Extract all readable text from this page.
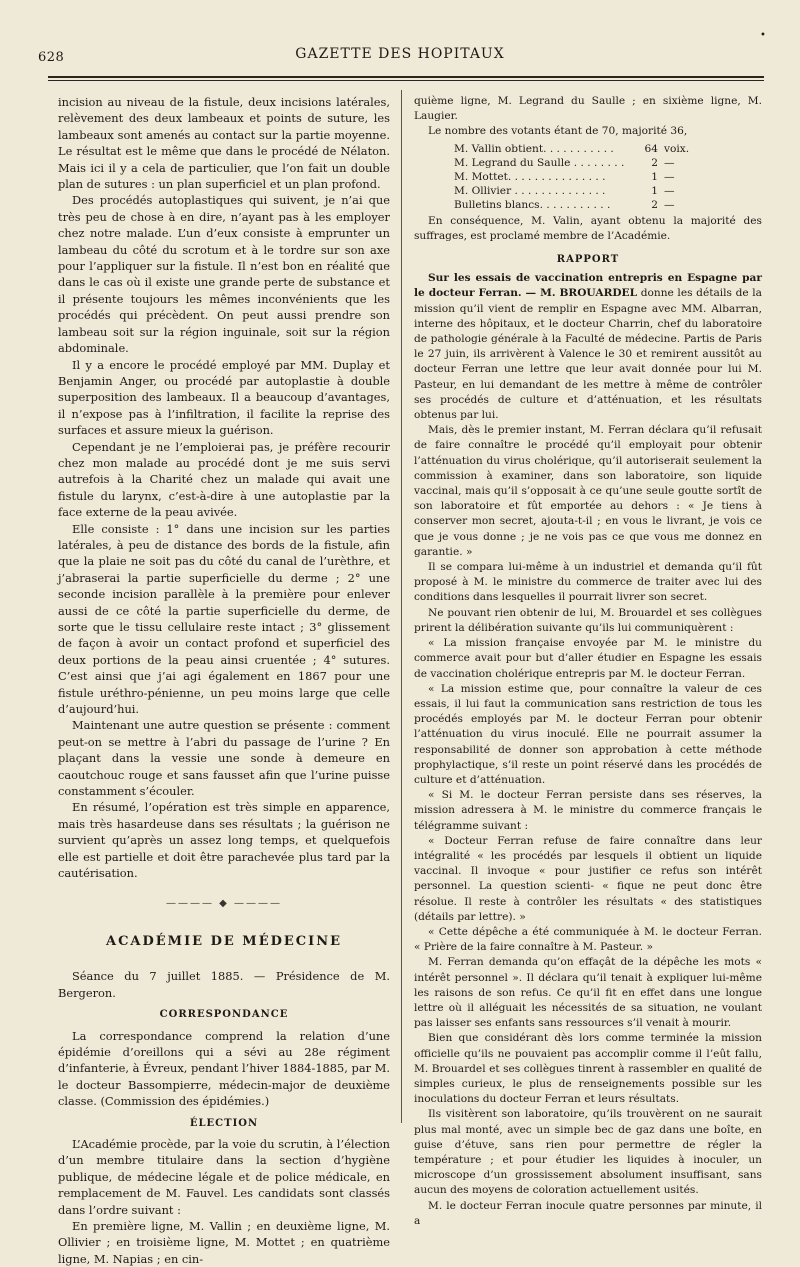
•
628	GAZETTE DES HOPITAUX

incision au niveau de la fistule, deux incisions latérales, relèvement des deux lambeaux et points de suture, les lambeaux sont amenés au contact sur la partie moyenne. Le résultat est le même que dans le procédé de Nélaton. Mais ici il y a cela de particulier, que l’on fait un double plan de sutures : un plan superficiel et un plan profond.

Des procédés autoplastiques qui suivent, je n’ai que très peu de chose à en dire, n’ayant pas à les employer chez notre malade. L’un d’eux consiste à emprunter un lambeau du côté du scrotum et à le tordre sur son axe pour l’appliquer sur la fistule. Il n’est bon en réalité que dans le cas où il existe une grande perte de substance et il présente toujours les mêmes inconvénients que les procédés qui précèdent. On peut aussi prendre son lambeau soit sur la région inguinale, soit sur la région abdominale.

Il y a encore le procédé employé par MM. Duplay et Benjamin Anger, ou procédé par autoplastie à double superposition des lambeaux. Il a beaucoup d’avantages, il n’expose pas à l’infiltration, il facilite la reprise des surfaces et assure mieux la guérison.

Cependant je ne l’emploierai pas, je préfère recourir chez mon malade au procédé dont je me suis servi autrefois à la Charité chez un malade qui avait une fistule du larynx, c’est-à-dire à une autoplastie par la face externe de la peau avivée.

Elle consiste : 1° dans une incision sur les parties latérales, à peu de distance des bords de la fistule, afin que la plaie ne soit pas du côté du canal de l’urèthre, et j’abraserai la partie superficielle du derme ; 2° une seconde incision parallèle à la première pour enlever aussi de ce côté la partie superficielle du derme, de sorte que le tissu cellulaire reste intact ; 3° glissement de façon à avoir un contact profond et superficiel des deux portions de la peau ainsi cruentée ; 4° sutures. C’est ainsi que j’ai agi également en 1867 pour une fistule uréthro-pénienne, un peu moins large que celle d’aujourd’hui.

Maintenant une autre question se présente : comment peut-on se mettre à l’abri du passage de l’urine ? En plaçant dans la vessie une sonde à demeure en caoutchouc rouge et sans fausset afin que l’urine puisse constamment s’écouler.

En résumé, l’opération est très simple en apparence, mais très hasardeuse dans ses résultats ; la guérison ne survient qu’après un assez long temps, et quelquefois elle est partielle et doit être parachevée plus tard par la cautérisation.

———— ◆ ————
ACADÉMIE DE MÉDECINE

Séance du 7 juillet 1885. — Présidence de M. Bergeron.

CORRESPONDANCE

La correspondance comprend la relation d’une épidémie d’oreillons qui a sévi au 28e régiment d’infanterie, à Évreux, pendant l’hiver 1884-1885, par M. le docteur Bassompierre, médecin-major de deuxième classe. (Commission des épidémies.)

ÉLECTION

L’Académie procède, par la voie du scrutin, à l’élection d’un membre titulaire dans la section d’hygiène publique, de médecine légale et de police médicale, en remplacement de M. Fauvel. Les candidats sont classés dans l’ordre suivant :

En première ligne, M. Vallin ; en deuxième ligne, M. Ollivier ; en troisième ligne, M. Mottet ; en quatrième ligne, M. Napias ; en cin-

quième ligne, M. Legrand du Saulle ; en sixième ligne, M. Laugier.

Le nombre des votants étant de 70, majorité 36,

M. Vallin obtient. . . . . . . . . . .	64	voix.
M. Legrand du Saulle . . . . . . . .	2	—
M. Mottet. . . . . . . . . . . . . . .	1	—
M. Ollivier . . . . . . . . . . . . . .	1	—
Bulletins blancs. . . . . . . . . . .	2	—

En conséquence, M. Valin, ayant obtenu la majorité des suffrages, est proclamé membre de l’Académie.

RAPPORT

Sur les essais de vaccination entrepris en Espagne par le docteur Ferran. — M. BROUARDEL donne les détails de la mission qu’il vient de remplir en Espagne avec MM. Albarran, interne des hôpitaux, et le docteur Charrin, chef du laboratoire de pathologie générale à la Faculté de médecine. Partis de Paris le 27 juin, ils arrivèrent à Valence le 30 et remirent aussitôt au docteur Ferran une lettre que leur avait donnée pour lui M. Pasteur, en lui demandant de les mettre à même de contrôler ses procédés de culture et d’atténuation, et les résultats obtenus par lui.

Mais, dès le premier instant, M. Ferran déclara qu’il refusait de faire connaître le procédé qu’il employait pour obtenir l’atténuation du virus cholérique, qu’il autoriserait seulement la commission à examiner, dans son laboratoire, son liquide vaccinal, mais qu’il s’opposait à ce qu’une seule goutte sortît de son laboratoire et fût emportée au dehors : « Je tiens à conserver mon secret, ajouta-t-il ; en vous le livrant, je vois ce que je vous donne ; je ne vois pas ce que vous me donnez en garantie. »

Il se compara lui-même à un industriel et demanda qu’il fût proposé à M. le ministre du commerce de traiter avec lui des conditions dans lesquelles il pourrait livrer son secret.

Ne pouvant rien obtenir de lui, M. Brouardel et ses collègues prirent la délibération suivante qu’ils lui communiquèrent :

« La mission française envoyée par M. le ministre du commerce avait pour but d’aller étudier en Espagne les essais de vaccination cholérique entrepris par M. le docteur Ferran.

« La mission estime que, pour connaître la valeur de ces essais, il lui faut la communication sans restriction de tous les procédés employés par M. le docteur Ferran pour obtenir l’atténuation du virus inoculé. Elle ne pourrait assumer la responsabilité de donner son approbation à cette méthode prophylactique, s’il reste un point réservé dans les procédés de culture et d’atténuation.

« Si M. le docteur Ferran persiste dans ses réserves, la mission adressera à M. le ministre du commerce français le télégramme suivant :

« Docteur Ferran refuse de faire connaître dans leur intégralité « les procédés par lesquels il obtient un liquide vaccinal. Il invoque « pour justifier ce refus son intérêt personnel. La question scienti- « fique ne peut donc être résolue. Il reste à contrôler les résultats « des statistiques (détails par lettre). »

« Cette dépêche a été communiquée à M. le docteur Ferran. « Prière de la faire connaître à M. Pasteur. »

M. Ferran demanda qu’on effaçât de la dépêche les mots « intérêt personnel ». Il déclara qu’il tenait à expliquer lui-même les raisons de son refus. Ce qu’il fit en effet dans une longue lettre où il alléguait les nécessités de sa situation, ne voulant pas laisser ses enfants sans ressources s’il venait à mourir.

Bien que considérant dès lors comme terminée la mission officielle qu’ils ne pouvaient pas accomplir comme il l’eût fallu, M. Brouardel et ses collègues tinrent à rassembler en qualité de simples curieux, le plus de renseignements possible sur les inoculations du docteur Ferran et leurs résultats.

Ils visitèrent son laboratoire, qu’ils trouvèrent on ne saurait plus mal monté, avec un simple bec de gaz dans une boîte, en guise d’étuve, sans rien pour permettre de régler la température ; et pour étudier les liquides à inoculer, un microscope d’un grossissement absolument insuffisant, sans aucun des moyens de coloration actuellement usités.

M. le docteur Ferran inocule quatre personnes par minute, il a
